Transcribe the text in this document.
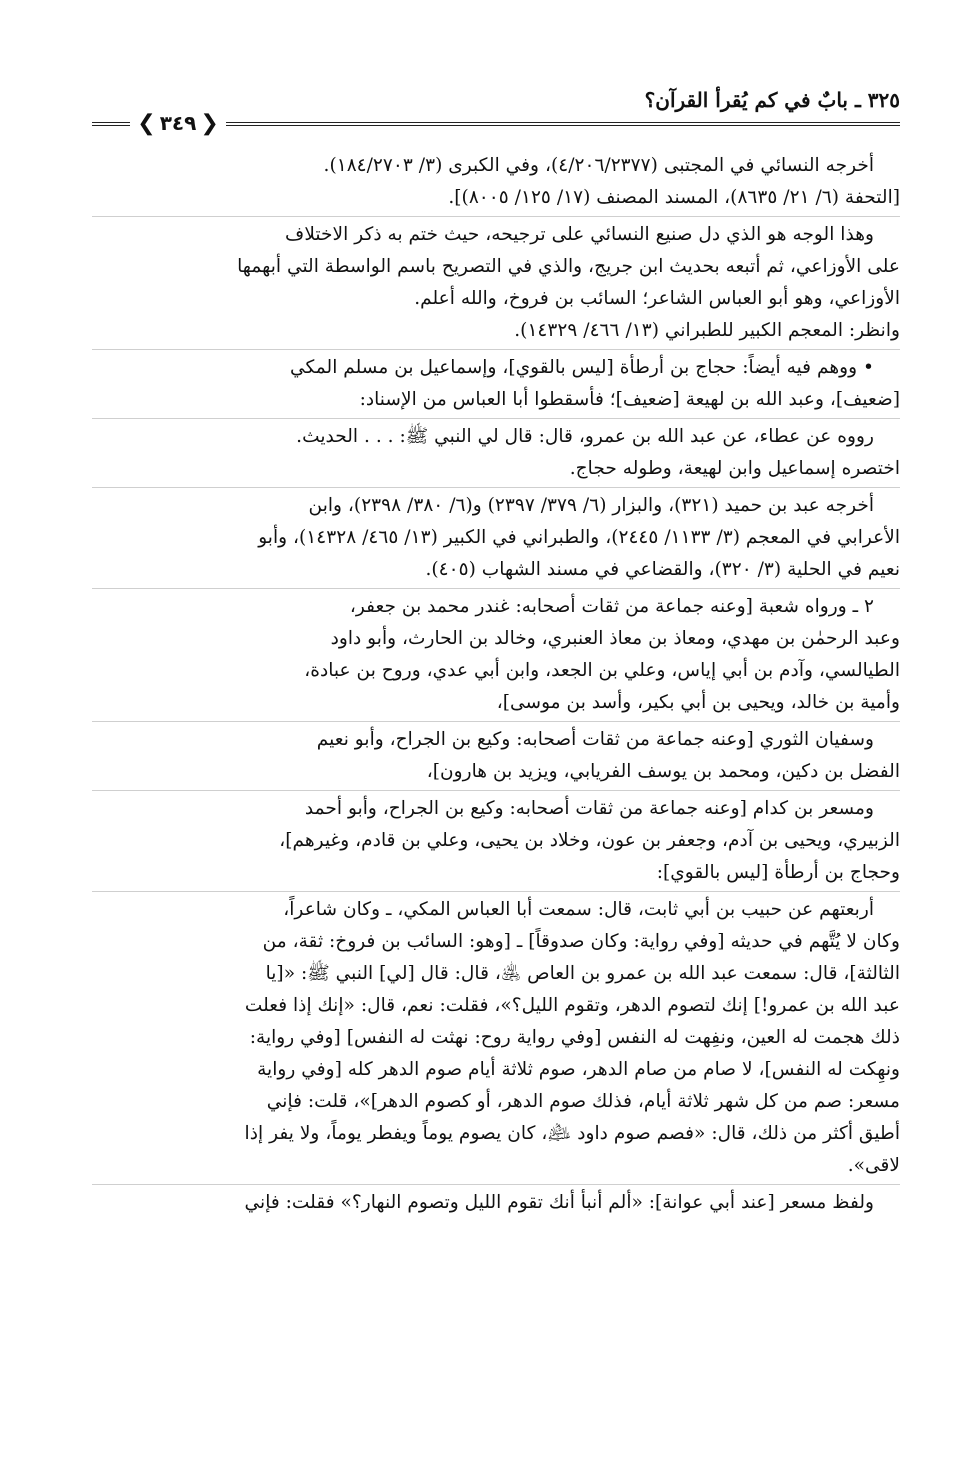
٣٢٥ ـ بابٌ في كم يُقرأ القرآن؟
❮
٣٤٩
❯
أخرجه النسائي في المجتبى (٤/٢٠٦/٢٣٧٧)، وفي الكبرى (٣/ ١٨٤/٢٧٠٣).
[التحفة (٦/ ٢١/ ٨٦٣٥)، المسند المصنف (١٧/ ١٢٥/ ٨٠٠٥)].
وهذا الوجه هو الذي دل صنيع النسائي على ترجيحه، حيث ختم به ذكر الاختلاف
على الأوزاعي، ثم أتبعه بحديث ابن جريج، والذي في التصريح باسم الواسطة التي أبهمها
الأوزاعي، وهو أبو العباس الشاعر؛ السائب بن فروخ، والله أعلم.
وانظر: المعجم الكبير للطبراني (١٣/ ٤٦٦/ ١٤٣٢٩).
• ووهم فيه أيضاً: حجاج بن أرطأة [ليس بالقوي]، وإسماعيل بن مسلم المكي
[ضعيف]، وعبد الله بن لهيعة [ضعيف]؛ فأسقطوا أبا العباس من الإسناد:
رووه عن عطاء، عن عبد الله بن عمرو، قال: قال لي النبي ﷺ: . . . الحديث.
اختصره إسماعيل وابن لهيعة، وطوله حجاج.
أخرجه عبد بن حميد (٣٢١)، والبزار (٦/ ٣٧٩/ ٢٣٩٧) و(٦/ ٣٨٠/ ٢٣٩٨)، وابن
الأعرابي في المعجم (٣/ ١١٣٣/ ٢٤٤٥)، والطبراني في الكبير (١٣/ ٤٦٥/ ١٤٣٢٨)، وأبو
نعيم في الحلية (٣/ ٣٢٠)، والقضاعي في مسند الشهاب (٤٠٥).
٢ ـ ورواه شعبة [وعنه جماعة من ثقات أصحابه: غندر محمد بن جعفر،
وعبد الرحمٰن بن مهدي، ومعاذ بن معاذ العنبري، وخالد بن الحارث، وأبو داود
الطيالسي، وآدم بن أبي إياس، وعلي بن الجعد، وابن أبي عدي، وروح بن عبادة،
وأمية بن خالد، ويحيى بن أبي بكير، وأسد بن موسى]،
وسفيان الثوري [وعنه جماعة من ثقات أصحابه: وكيع بن الجراح، وأبو نعيم
الفضل بن دكين، ومحمد بن يوسف الفريابي، ويزيد بن هارون]،
ومسعر بن كدام [وعنه جماعة من ثقات أصحابه: وكيع بن الجراح، وأبو أحمد
الزبيري، ويحيى بن آدم، وجعفر بن عون، وخلاد بن يحيى، وعلي بن قادم، وغيرهم]،
وحجاج بن أرطأة [ليس بالقوي]:
أربعتهم عن حبيب بن أبي ثابت، قال: سمعت أبا العباس المكي، ـ وكان شاعراً،
وكان لا يُتَّهم في حديثه [وفي رواية: وكان صدوقاً] ـ [وهو: السائب بن فروخ: ثقة، من
الثالثة]، قال: سمعت عبد الله بن عمرو بن العاص ﵁، قال: قال [لي] النبي ﷺ: «[يا
عبد الله بن عمرو!] إنك لتصوم الدهر، وتقوم الليل؟»، فقلت: نعم، قال: «إنك إذا فعلت
ذلك هجمت له العين، ونفِهت له النفس [وفي رواية روح: نهثت له النفس] [وفي رواية:
ونهِكت له النفس]، لا صام من صام الدهر، صوم ثلاثة أيام صوم الدهر كله [وفي رواية
مسعر: صم من كل شهر ثلاثة أيام، فذلك صوم الدهر، أو كصوم الدهر]»، قلت: فإني
أطيق أكثر من ذلك، قال: «فصم صوم داود ﵇، كان يصوم يوماً ويفطر يوماً، ولا يفر إذا
لاقى».
ولفظ مسعر [عند أبي عوانة]: «ألم أنبأ أنك تقوم الليل وتصوم النهار؟» فقلت: فإني
